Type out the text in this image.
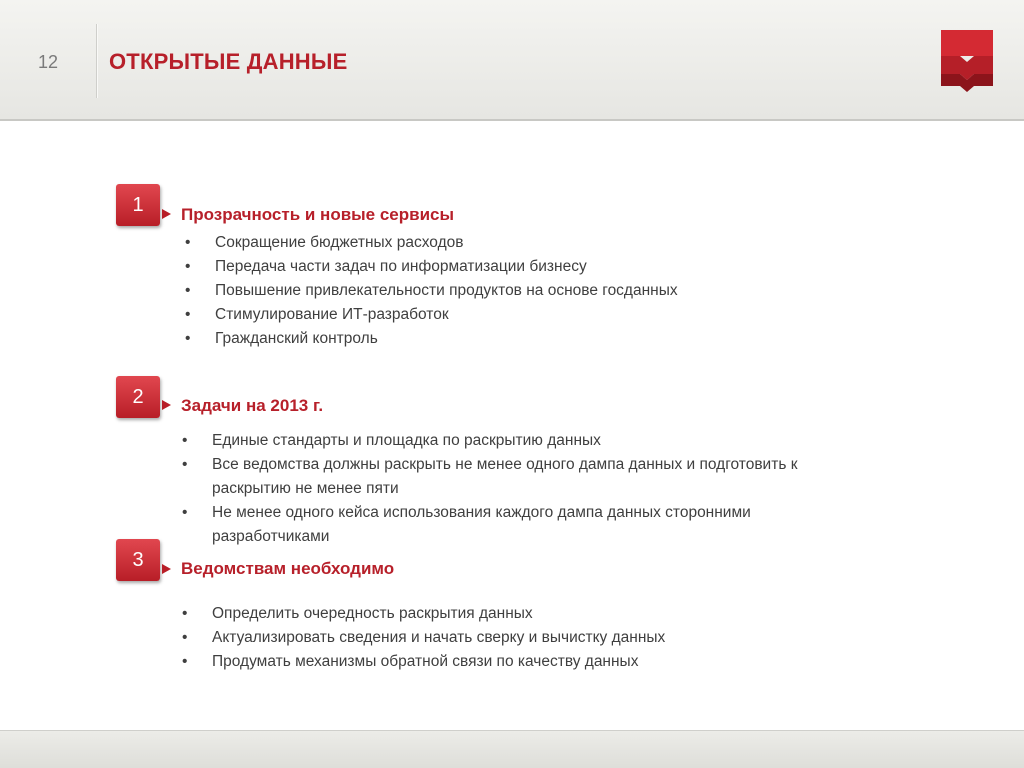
12 ОТКРЫТЫЕ ДАННЫЕ
1	Прозрачность и новые сервисы
• Сокращение бюджетных расходов
• Передача части задач по информатизации бизнесу
• Повышение привлекательности продуктов на основе госданных
• Стимулирование ИТ-разработок
• Гражданский контроль
2	Задачи на 2013 г.
• Единые стандарты и площадка по раскрытию данных
• Все ведомства должны раскрыть не менее одного дампа данных и подготовить к раскрытию не менее пяти
• Не менее одного кейса использования каждого дампа данных сторонними разработчиками
3	Ведомствам необходимо
• Определить очередность раскрытия данных
• Актуализировать сведения и начать сверку и вычистку данных
• Продумать механизмы обратной связи по качеству данных
